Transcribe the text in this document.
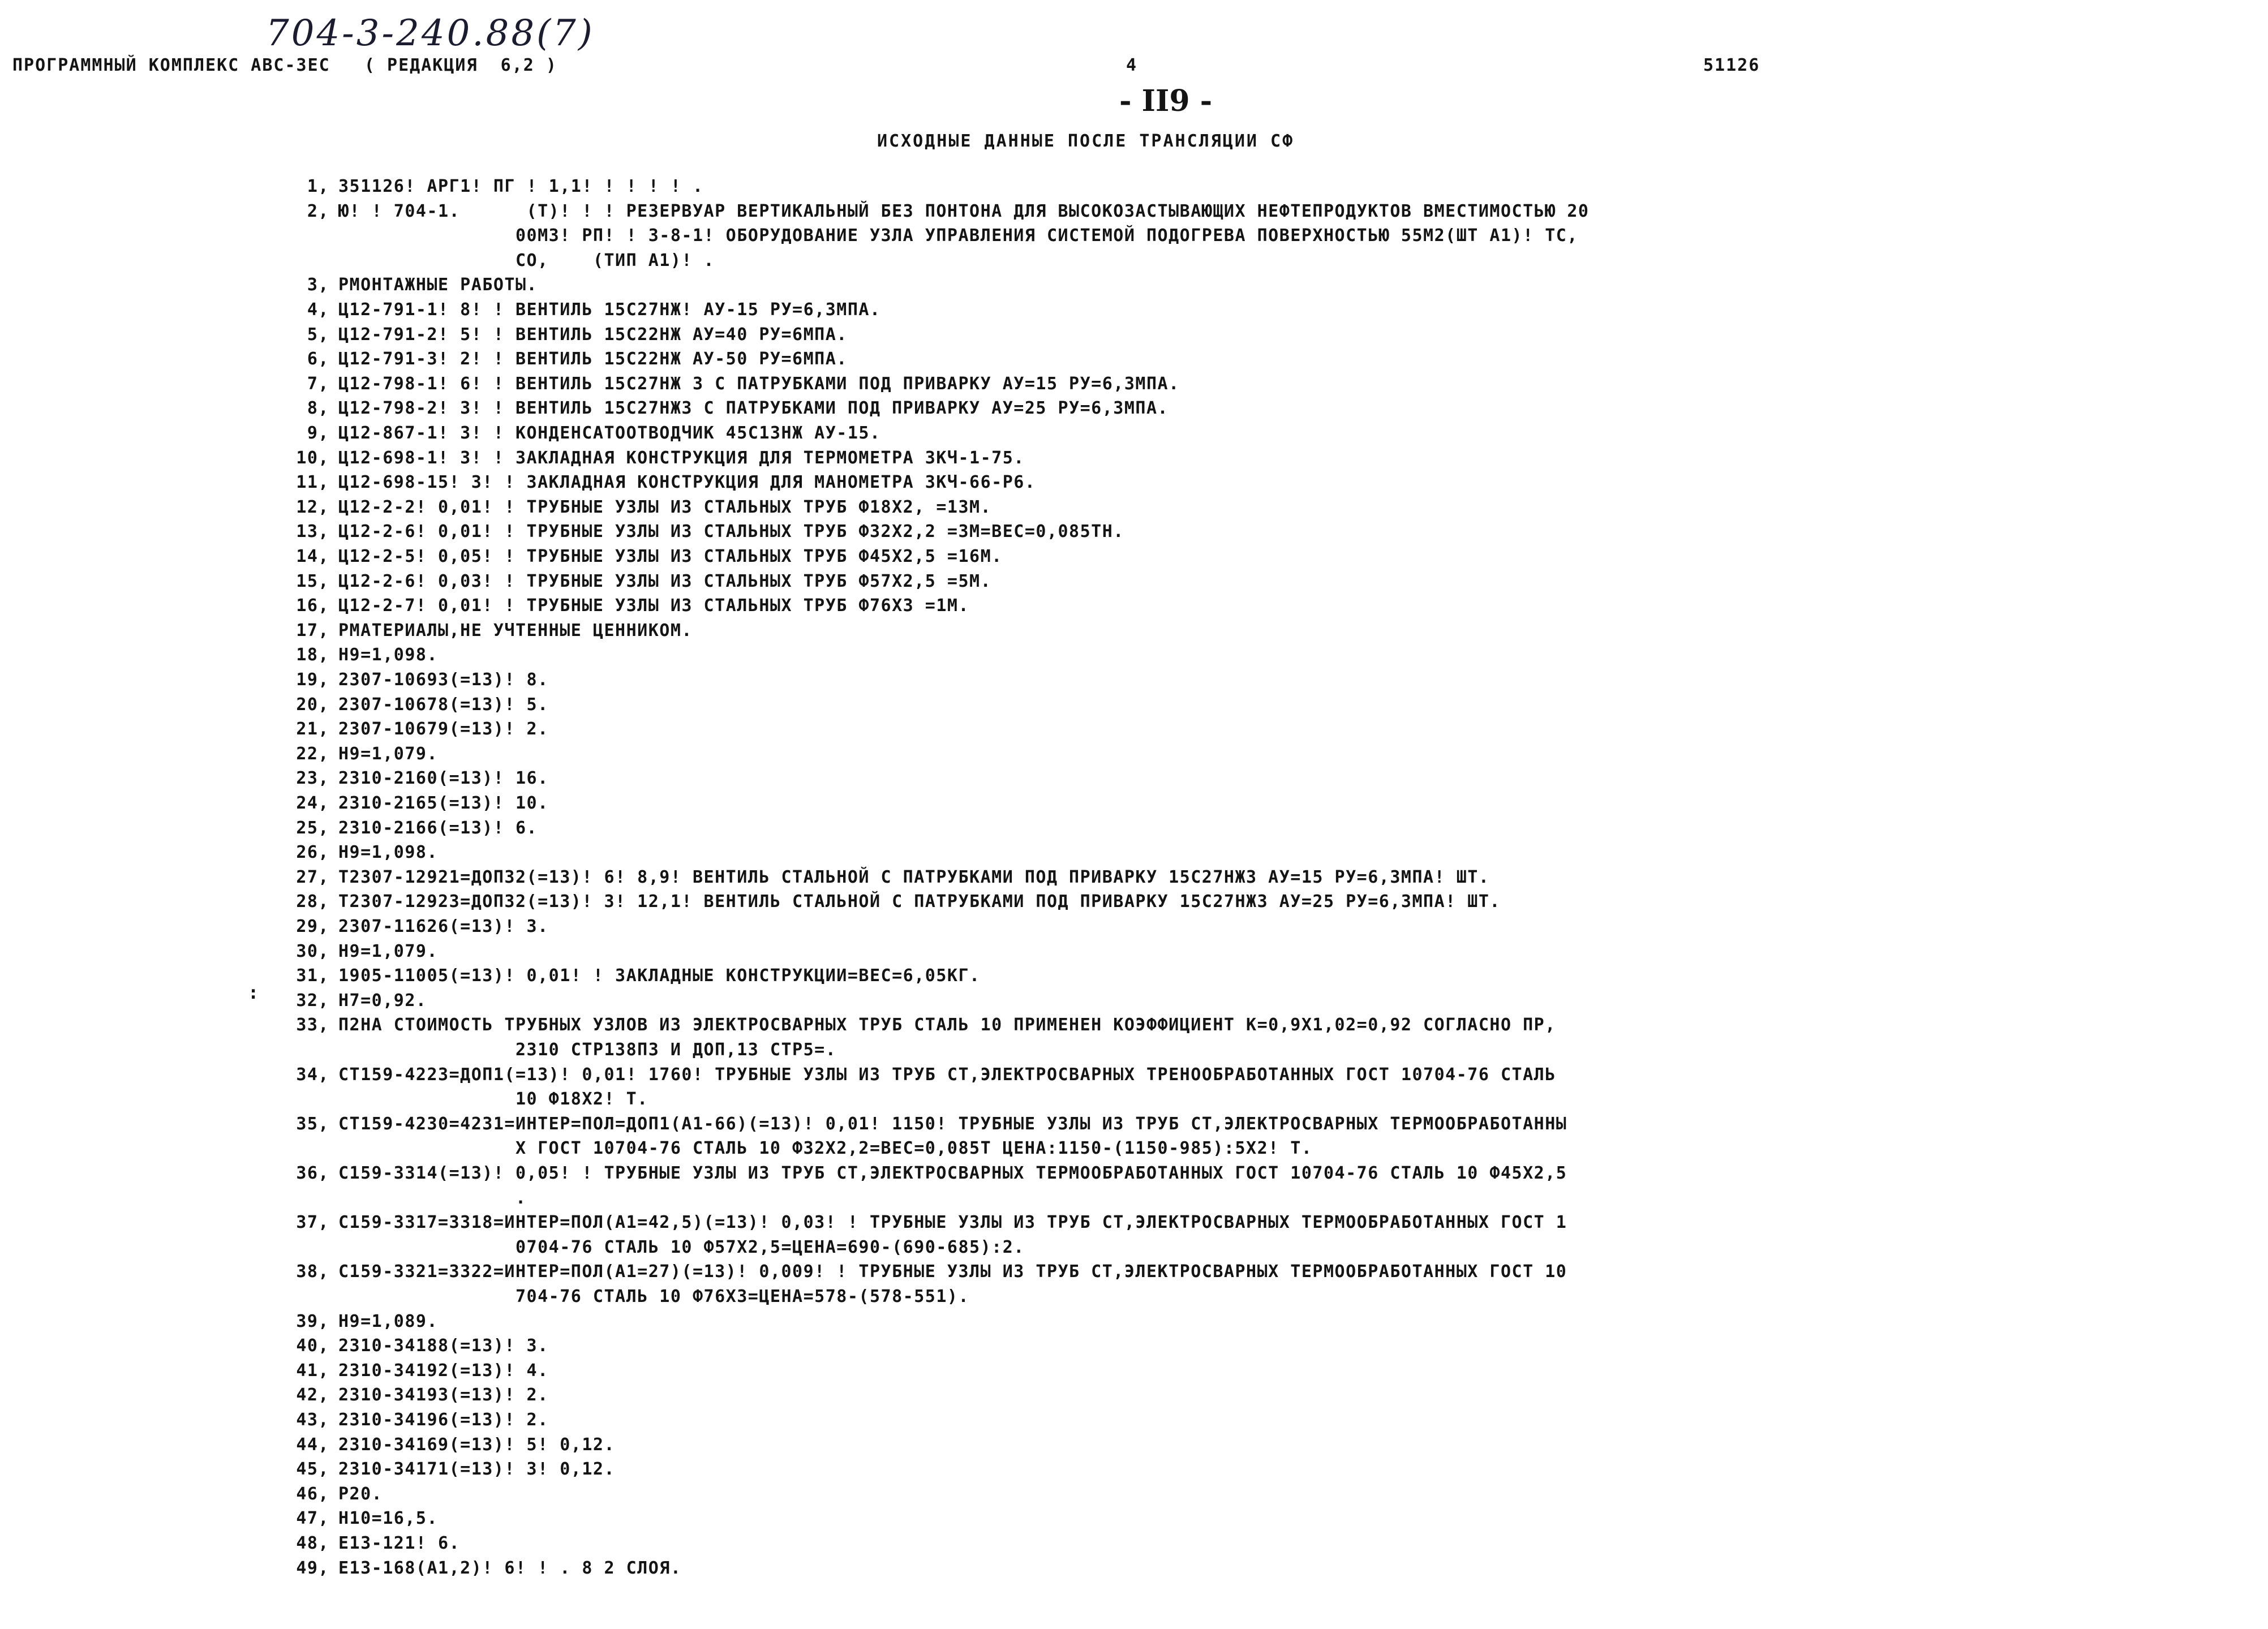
704-3-240.88(7)
ПРОГРАММНЫЙ КОМПЛЕКС АВС-ЗЕС   ( РЕДАКЦИЯ  6,2 )	4	51126
- II9 -
ИСХОДНЫЕ ДАННЫЕ ПОСЛЕ ТРАНСЛЯЦИИ СФ
:
1, 351126! АРГ1! ПГ ! 1,1! ! ! ! ! .
2, Ю! ! 704-1.      (Т)! ! ! РЕЗЕРВУАР ВЕРТИКАЛЬНЫЙ БЕЗ ПОНТОНА ДЛЯ ВЫСОКОЗАСТЫВАЮЩИХ НЕФТЕПРОДУКТОВ ВМЕСТИМОСТЬЮ 20
00МЗ! РП! ! 3-8-1! ОБОРУДОВАНИЕ УЗЛА УПРАВЛЕНИЯ СИСТЕМОЙ ПОДОГРЕВА ПОВЕРХНОСТЬЮ 55М2(ШТ А1)! ТС,
СО,    (ТИП А1)! .
3, РМОНТАЖНЫЕ РАБОТЫ.
4, Ц12-791-1! 8! ! ВЕНТИЛЬ 15С27НЖ! АУ-15 РУ=6,3МПА.
5, Ц12-791-2! 5! ! ВЕНТИЛЬ 15С22НЖ АУ=40 РУ=6МПА.
6, Ц12-791-3! 2! ! ВЕНТИЛЬ 15С22НЖ АУ-50 РУ=6МПА.
7, Ц12-798-1! 6! ! ВЕНТИЛЬ 15С27НЖ З С ПАТРУБКАМИ ПОД ПРИВАРКУ АУ=15 РУ=6,3МПА.
8, Ц12-798-2! 3! ! ВЕНТИЛЬ 15С27НЖЗ С ПАТРУБКАМИ ПОД ПРИВАРКУ АУ=25 РУ=6,3МПА.
9, Ц12-867-1! 3! ! КОНДЕНСАТООТВОДЧИК 45С13НЖ АУ-15.
10, Ц12-698-1! 3! ! ЗАКЛАДНАЯ КОНСТРУКЦИЯ ДЛЯ ТЕРМОМЕТРА ЗКЧ-1-75.
11, Ц12-698-15! 3! ! ЗАКЛАДНАЯ КОНСТРУКЦИЯ ДЛЯ МАНОМЕТРА ЗКЧ-66-Р6.
12, Ц12-2-2! 0,01! ! ТРУБНЫЕ УЗЛЫ ИЗ СТАЛЬНЫХ ТРУБ Ф18Х2, =13М.
13, Ц12-2-6! 0,01! ! ТРУБНЫЕ УЗЛЫ ИЗ СТАЛЬНЫХ ТРУБ Ф32Х2,2 =3М=ВЕС=0,085ТН.
14, Ц12-2-5! 0,05! ! ТРУБНЫЕ УЗЛЫ ИЗ СТАЛЬНЫХ ТРУБ Ф45Х2,5 =16М.
15, Ц12-2-6! 0,03! ! ТРУБНЫЕ УЗЛЫ ИЗ СТАЛЬНЫХ ТРУБ Ф57Х2,5 =5М.
16, Ц12-2-7! 0,01! ! ТРУБНЫЕ УЗЛЫ ИЗ СТАЛЬНЫХ ТРУБ Ф76Х3 =1М.
17, РМАТЕРИАЛЫ,НЕ УЧТЕННЫЕ ЦЕННИКОМ.
18, Н9=1,098.
19, 2307-10693(=13)! 8.
20, 2307-10678(=13)! 5.
21, 2307-10679(=13)! 2.
22, Н9=1,079.
23, 2310-2160(=13)! 16.
24, 2310-2165(=13)! 10.
25, 2310-2166(=13)! 6.
26, Н9=1,098.
27, Т2307-12921=ДОП32(=13)! 6! 8,9! ВЕНТИЛЬ СТАЛЬНОЙ С ПАТРУБКАМИ ПОД ПРИВАРКУ 15С27НЖЗ АУ=15 РУ=6,3МПА! ШТ.
28, Т2307-12923=ДОП32(=13)! 3! 12,1! ВЕНТИЛЬ СТАЛЬНОЙ С ПАТРУБКАМИ ПОД ПРИВАРКУ 15С27НЖЗ АУ=25 РУ=6,3МПА! ШТ.
29, 2307-11626(=13)! 3.
30, Н9=1,079.
31, 1905-11005(=13)! 0,01! ! ЗАКЛАДНЫЕ КОНСТРУКЦИИ=ВЕС=6,05КГ.
32, Н7=0,92.
33, П2НА СТОИМОСТЬ ТРУБНЫХ УЗЛОВ ИЗ ЭЛЕКТРОСВАРНЫХ ТРУБ СТАЛЬ 10 ПРИМЕНЕН КОЭФФИЦИЕНТ К=0,9Х1,02=0,92 СОГЛАСНО ПР,
2310 СТР138ПЗ И ДОП,13 СТР5=.
34, СТ159-4223=ДОП1(=13)! 0,01! 1760! ТРУБНЫЕ УЗЛЫ ИЗ ТРУБ СТ,ЭЛЕКТРОСВАРНЫХ ТРЕНООБРАБОТАННЫХ ГОСТ 10704-76 СТАЛЬ
10 Ф18Х2! Т.
35, СТ159-4230=4231=ИНТЕР=ПОЛ=ДОП1(А1-66)(=13)! 0,01! 1150! ТРУБНЫЕ УЗЛЫ ИЗ ТРУБ СТ,ЭЛЕКТРОСВАРНЫХ ТЕРМООБРАБОТАННЫ
Х ГОСТ 10704-76 СТАЛЬ 10 Ф32Х2,2=ВЕС=0,085Т ЦЕНА:1150-(1150-985):5Х2! Т.
36, С159-3314(=13)! 0,05! ! ТРУБНЫЕ УЗЛЫ ИЗ ТРУБ СТ,ЭЛЕКТРОСВАРНЫХ ТЕРМООБРАБОТАННЫХ ГОСТ 10704-76 СТАЛЬ 10 Ф45Х2,5
.
37, С159-3317=3318=ИНТЕР=ПОЛ(А1=42,5)(=13)! 0,03! ! ТРУБНЫЕ УЗЛЫ ИЗ ТРУБ СТ,ЭЛЕКТРОСВАРНЫХ ТЕРМООБРАБОТАННЫХ ГОСТ 1
0704-76 СТАЛЬ 10 Ф57Х2,5=ЦЕНА=690-(690-685):2.
38, С159-3321=3322=ИНТЕР=ПОЛ(А1=27)(=13)! 0,009! ! ТРУБНЫЕ УЗЛЫ ИЗ ТРУБ СТ,ЭЛЕКТРОСВАРНЫХ ТЕРМООБРАБОТАННЫХ ГОСТ 10
704-76 СТАЛЬ 10 Ф76Х3=ЦЕНА=578-(578-551).
39, Н9=1,089.
40, 2310-34188(=13)! 3.
41, 2310-34192(=13)! 4.
42, 2310-34193(=13)! 2.
43, 2310-34196(=13)! 2.
44, 2310-34169(=13)! 5! 0,12.
45, 2310-34171(=13)! 3! 0,12.
46, Р20.
47, Н10=16,5.
48, Е13-121! 6.
49, Е13-168(А1,2)! 6! ! . 8 2 СЛОЯ.
